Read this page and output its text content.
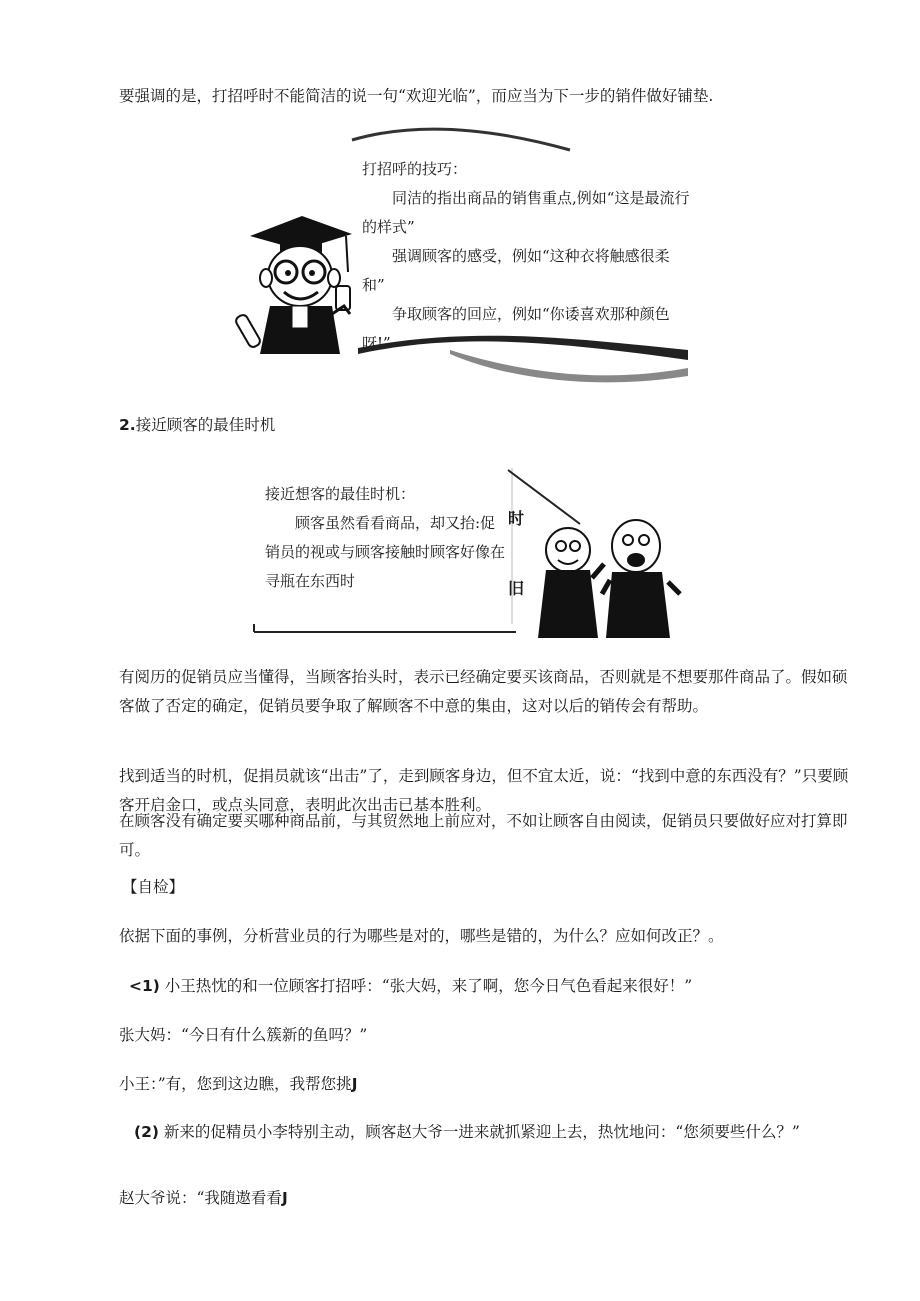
要强调的是，打招呼时不能简洁的说一句“欢迎光临”，而应当为下一步的销件做好铺垫.
打招呼的技巧：
同洁的指出商品的销售重点,例如“这是最流行的样式”
强调顾客的感受，例如“这种衣将触感很柔和”
争取顾客的回应，例如“你诿喜欢那种颜色呀!”
2.接近顾客的最佳时机
时
旧
接近想客的最佳时机：
顾客虽然看看商品，却又抬:促销员的视或与顾客接触时顾客好像在寻瓶在东西时
有阅历的促销员应当懂得，当顾客抬头时，表示已经确定要买该商品，否则就是不想要那件商品了。假如硕客做了否定的确定，促销员要争取了解顾客不中意的集由，这对以后的销传会有帮助。
找到适当的时机，促捐员就该“出击”了，走到顾客身边，但不宜太近，说：“找到中意的东西没有？”只要顾客开启金口，或点头同意，表明此次出击已基本胜利。
在顾客没有确定要买哪种商品前，与其贸然地上前应对，不如让顾客自由阅读，促销员只要做好应对打算即可。
【自检】
依据下面的事例，分析营业员的行为哪些是对的，哪些是错的，为什么？应如何改正？。
<1) 小王热忱的和一位顾客打招呼：“张大妈，来了啊，您今日气色看起来很好！”
张大妈：“今日有什么簇新的鱼吗？”
小王：”有，您到这边瞧，我帮您挑J
(2) 新来的促精员小李特别主动，顾客赵大爷一进来就抓紧迎上去，热忱地问：“您须要些什么？”
赵大爷说：“我随遨看看J
